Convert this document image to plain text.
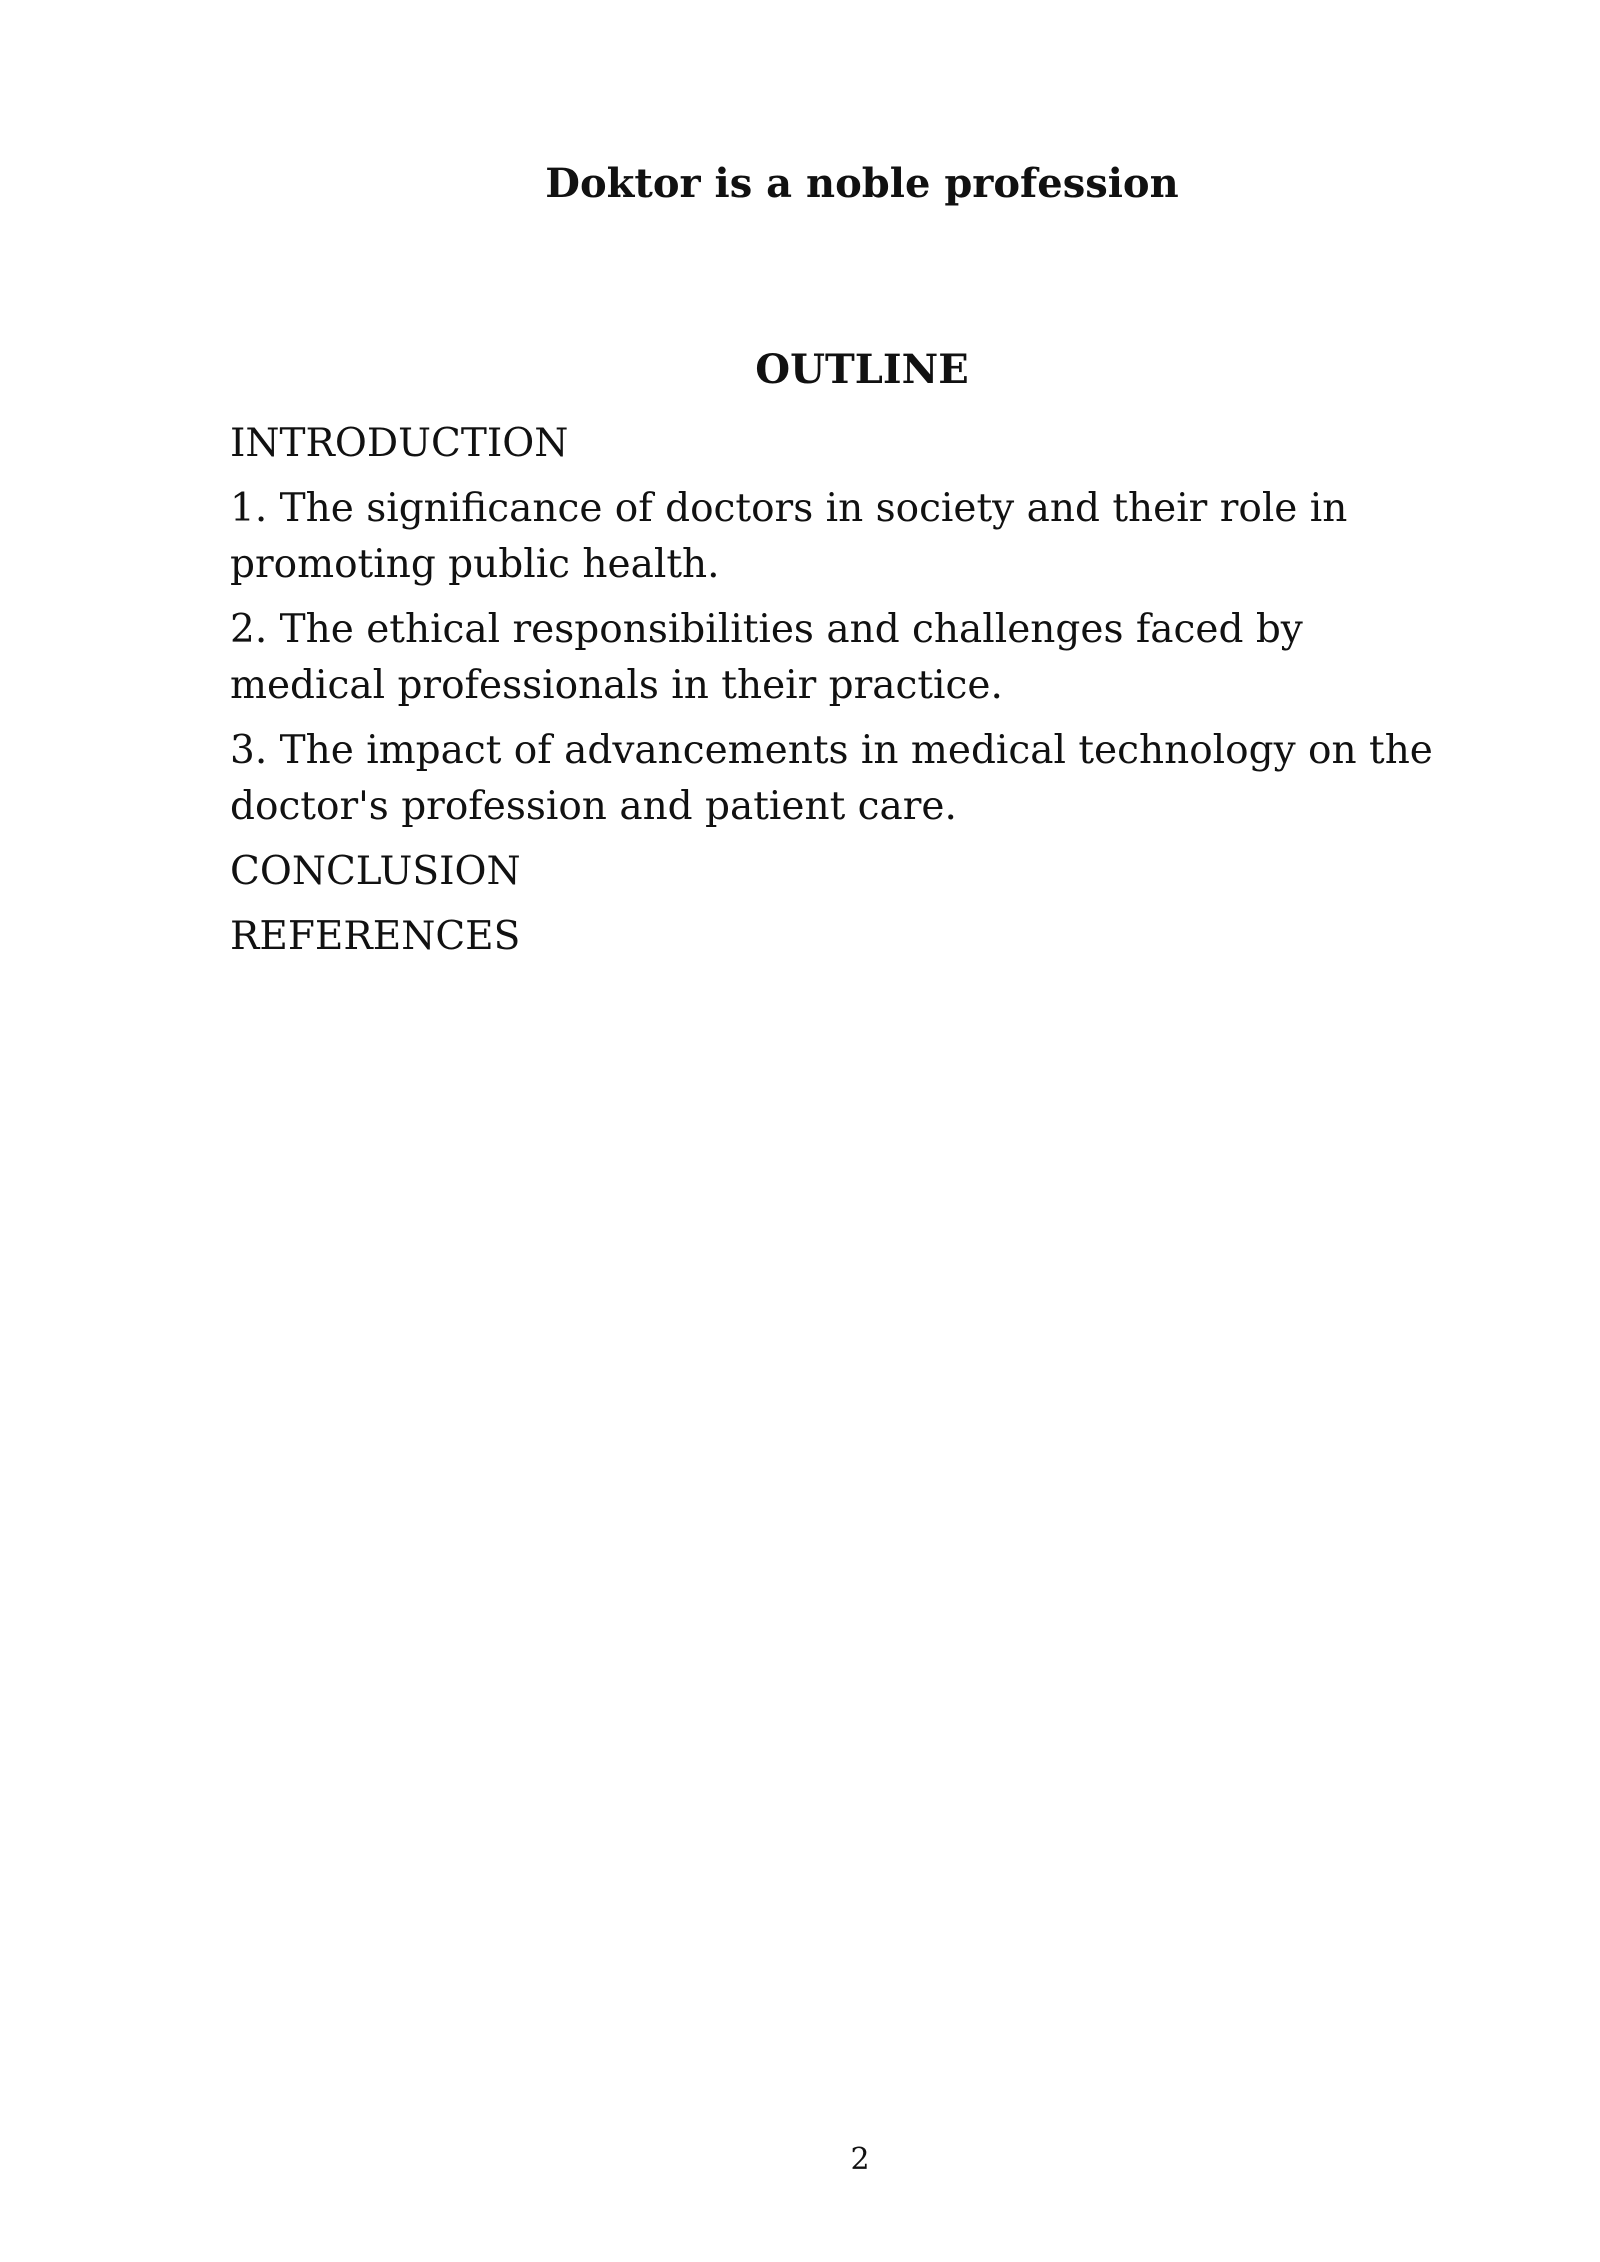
Doktor is a noble profession
OUTLINE
INTRODUCTION
1. The significance of doctors in society and their role in promoting public health.
2. The ethical responsibilities and challenges faced by medical professionals in their practice.
3. The impact of advancements in medical technology on the doctor's profession and patient care.
CONCLUSION
REFERENCES
2
